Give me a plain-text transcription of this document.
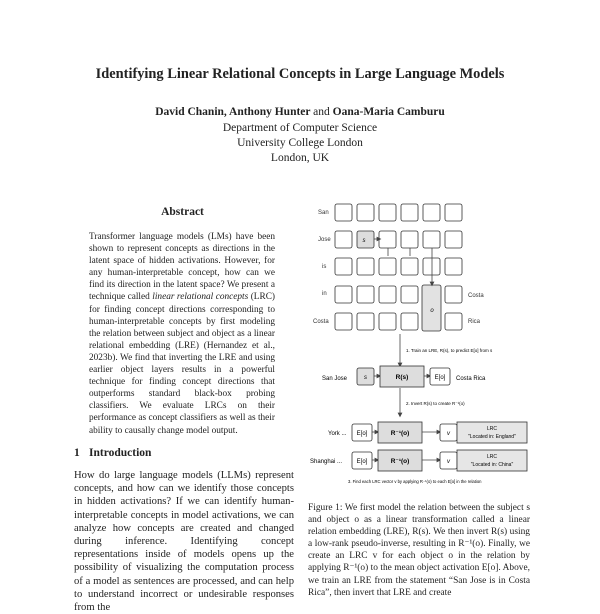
Identifying Linear Relational Concepts in Large Language Models
David Chanin, Anthony Hunter and Oana-Maria Camburu
Department of Computer Science
University College London
London, UK
Abstract
Transformer language models (LMs) have been shown to represent concepts as directions in the latent space of hidden activations. However, for any human-interpretable concept, how can we find its direction in the latent space? We present a technique called linear relational concepts (LRC) for finding concept directions corresponding to human-interpretable concepts by first modeling the relation between subject and object as a linear relational embedding (LRE) (Hernandez et al., 2023b). We find that inverting the LRE and using earlier object layers results in a powerful technique for finding concept directions that outperforms standard black-box probing classifiers. We evaluate LRCs on their performance as concept classifiers as well as their ability to causally change model output.
1 Introduction
How do large language models (LLMs) represent concepts, and how can we identify those concepts in hidden activations? If we can identify human-interpretable concepts in model activations, we can analyze how concepts are created and changed during inference. Identifying concept representations inside of models opens up the possibility of visualizing the computation process of a model as sentences are processed, and can help to understand incorrect or undesirable responses from the
San
Jose
is
in
Costa
Costa
Rica
s
o
1. Train an LRE, R(s), to predict E[o] from s
San Jose	s	R(s)	E[o] Costa Rica
2. Invert R(s) to create R⁻¹(o)
York ... E[o]	R⁻¹(o)	v
LRC
"Located in: England"
Shanghai ... E[o]	R⁻¹(o)	v
LRC
"Located in: China"
3. Find each LRC vector v by applying R⁻¹(o) to each E[o] in the relation
Figure 1: We first model the relation between the subject s and object o as a linear transformation called a linear relation embedding (LRE), R(s). We then invert R(s) using a low-rank pseudo-inverse, resulting in R⁻¹(o). Finally, we create an LRC v for each object o in the relation by applying R⁻¹(o) to the mean object activation E[o]. Above, we train an LRE from the statement “San Jose is in Costa Rica”, then invert that LRE and create
